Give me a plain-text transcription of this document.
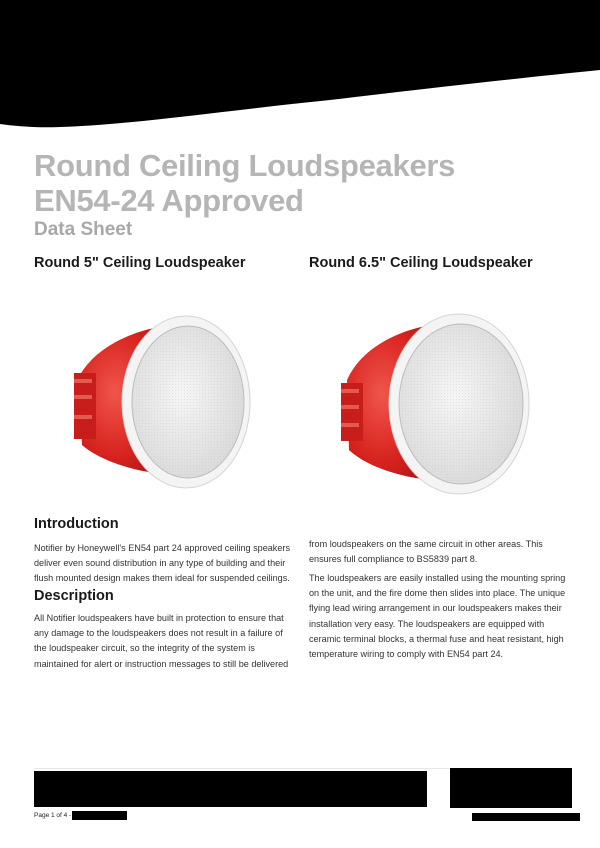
Round Ceiling Loudspeakers
EN54-24 Approved
Data Sheet
Round 5" Ceiling Loudspeaker	Round 6.5" Ceiling Loudspeaker
Introduction

Notifier by Honeywell's EN54 part 24 approved ceiling speakers deliver even sound distribution in any type of building and their flush mounted design makes them ideal for suspended ceilings.

Description

All Notifier loudspeakers have built in protection to ensure that any damage to the loudspeakers does not result in a failure of the loudspeaker circuit, so the integrity of the system is maintained for alert or instruction messages to still be delivered

from loudspeakers on the same circuit in other areas. This ensures full compliance to BS5839 part 8.

The loudspeakers are easily installed using the mounting spring on the unit, and the fire dome then slides into place. The unique flying lead wiring arrangement in our loudspeakers makes their installation very easy. The loudspeakers are equipped with ceramic terminal blocks, a thermal fuse and heat resistant, high temperature wiring to comply with EN54 part 24.

Page 1 of 4 -
